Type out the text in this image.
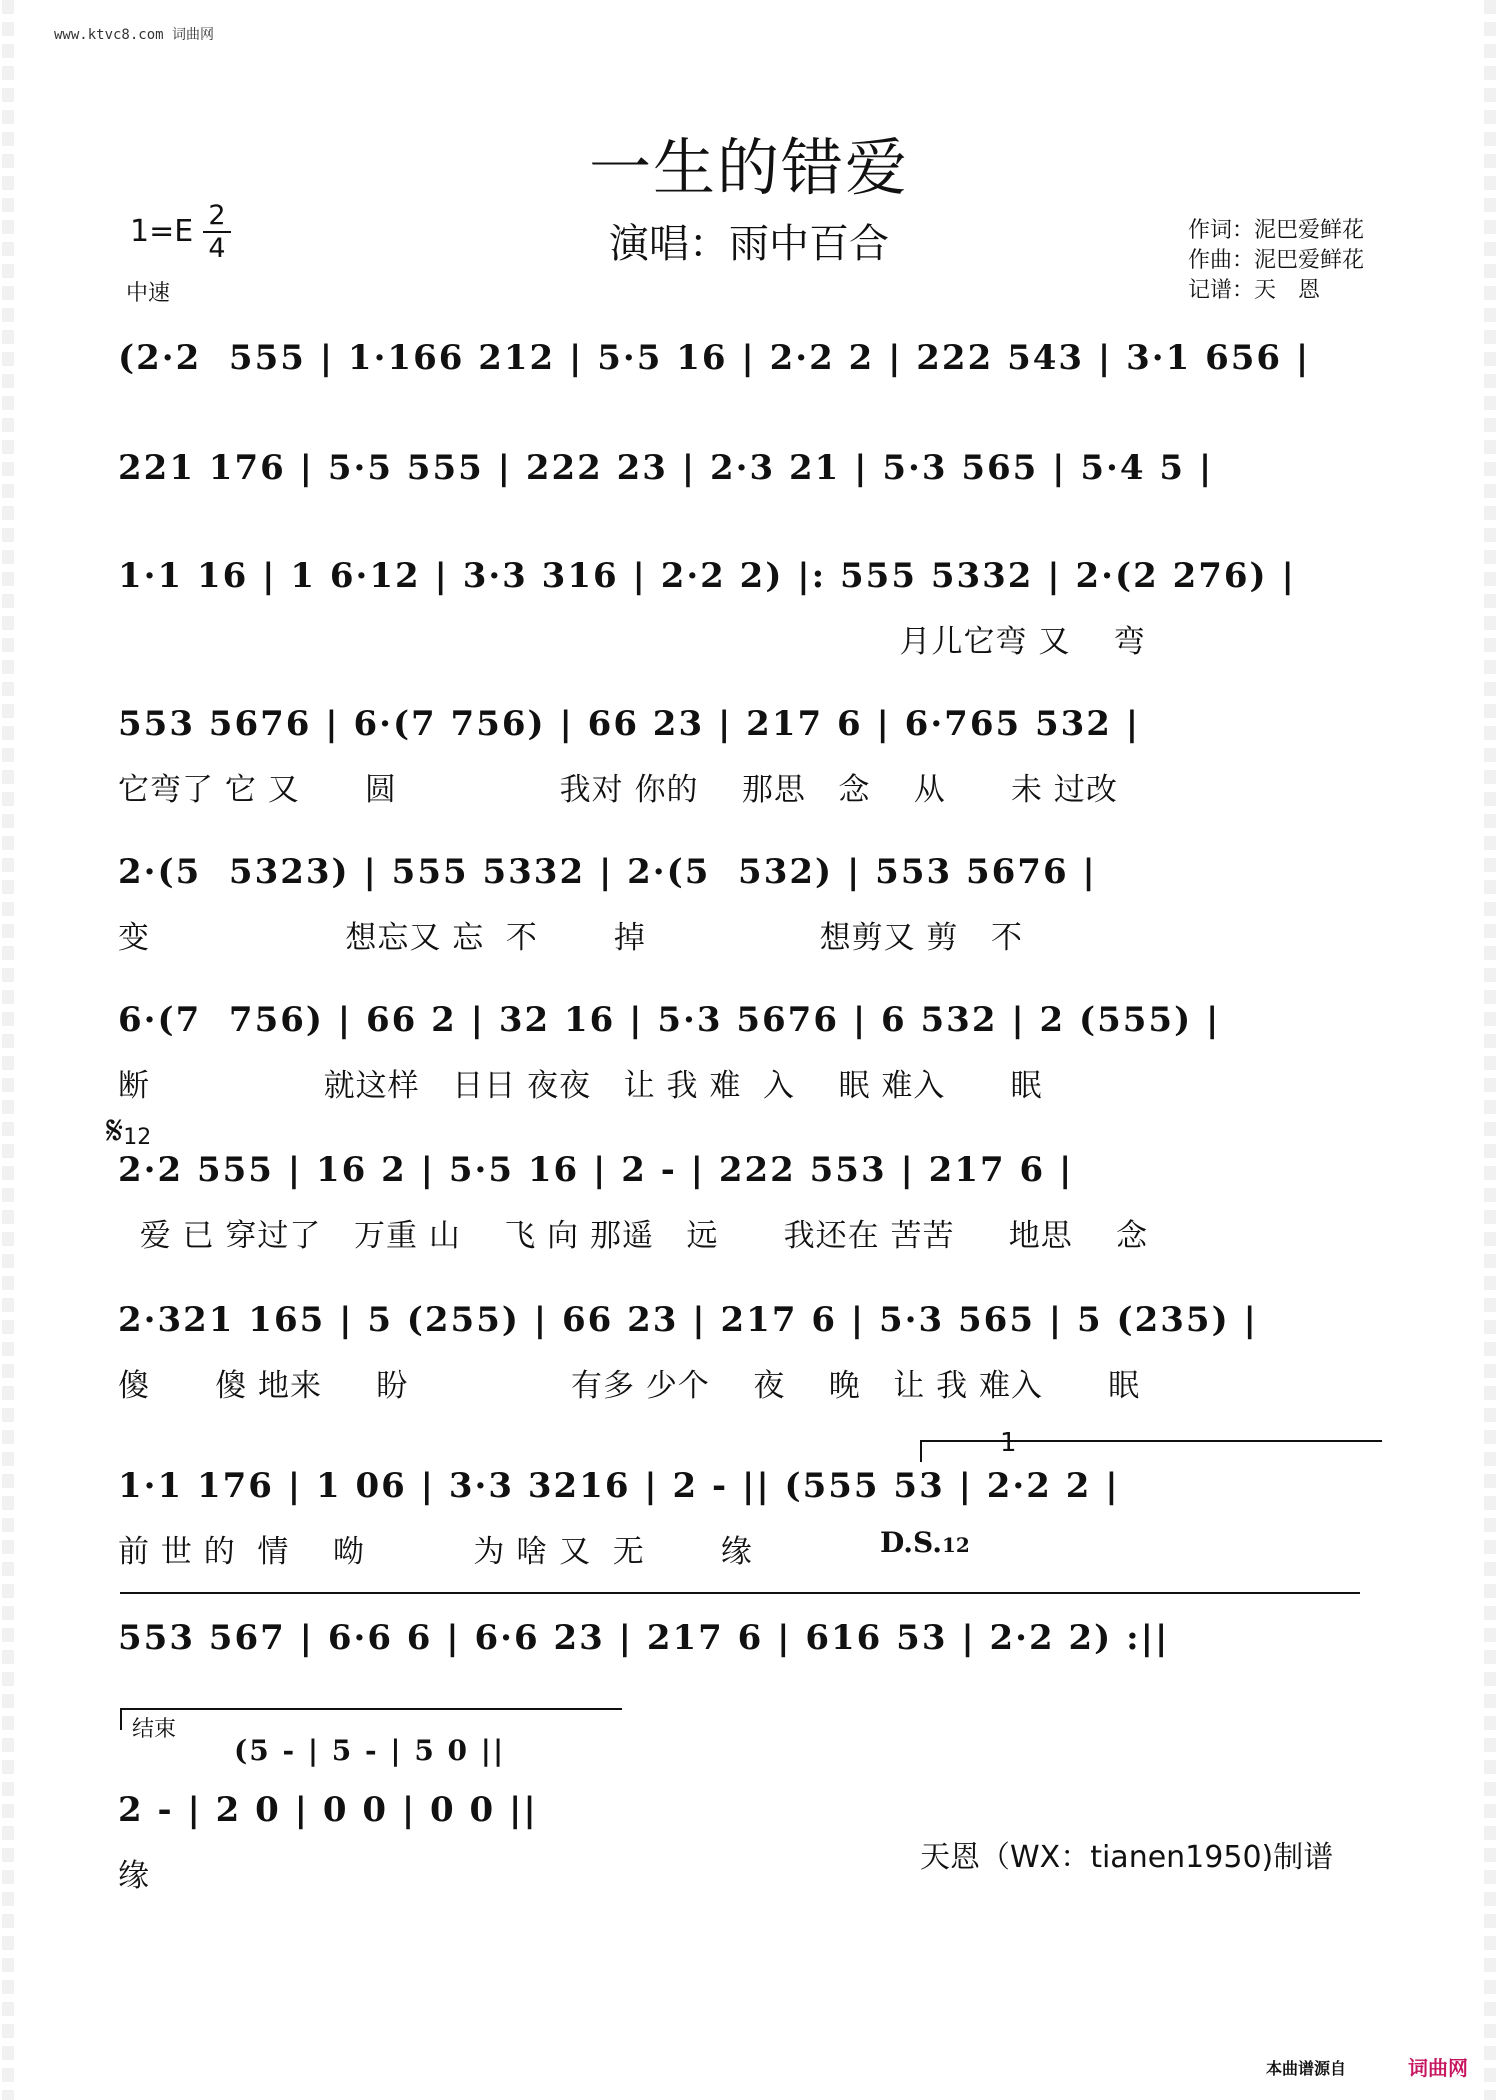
www.ktvc8.com 词曲网
一生的错爱
演唱：雨中百合
1=E 2
4
中速
作词：泥巴爱鲜花
作曲：泥巴爱鲜花
记谱：天　恩
(2·2  555 | 1·166 212 | 5·5 16 | 2·2 2 | 222 543 | 3·1 656 |
221 176 | 5·5 555 | 222 23 | 2·3 21 | 5·3 565 | 5·4 5 |
1·1 16 | 1 6·12 | 3·3 316 | 2·2 2) |: 555 5332 | 2·(2 276) |
月儿它弯 又    弯
553 5676 | 6·(7 756) | 66 23 | 217 6 | 6·765 532 |
它弯了 它 又      圆               我对 你的    那思   念    从      未 过改
2·(5  5323) | 555 5332 | 2·(5  532) | 553 5676 |
变                  想忘又 忘  不       掉                想剪又 剪   不
6·(7  756) | 66 2 | 32 16 | 5·3 5676 | 6 532 | 2 (555) |
断                就这样   日日 夜夜   让 我 难  入    眠 难入      眠
𝄋12
2·2 555 | 16 2 | 5·5 16 | 2 - | 222 553 | 217 6 |
爱 已 穿过了   万重 山    飞 向 那遥   远      我还在 苦苦     地思    念
2·321 165 | 5 (255) | 66 23 | 217 6 | 5·3 565 | 5 (235) |
傻      傻 地来     盼               有多 少个    夜    晚   让 我 难入      眠
1
1·1 176 | 1 06 | 3·3 3216 | 2 - || (555 53 | 2·2 2 |
前 世 的  情    呦          为 啥 又  无       缘	D.S.12
553 567 | 6·6 6 | 6·6 23 | 217 6 | 616 53 | 2·2 2) :||
结束
(5 - | 5 - | 5 0 ||
2 - | 2 0 | 0 0 | 0 0 ||
缘
天恩（WX：tianen1950)制谱
本曲谱源自	词曲网
